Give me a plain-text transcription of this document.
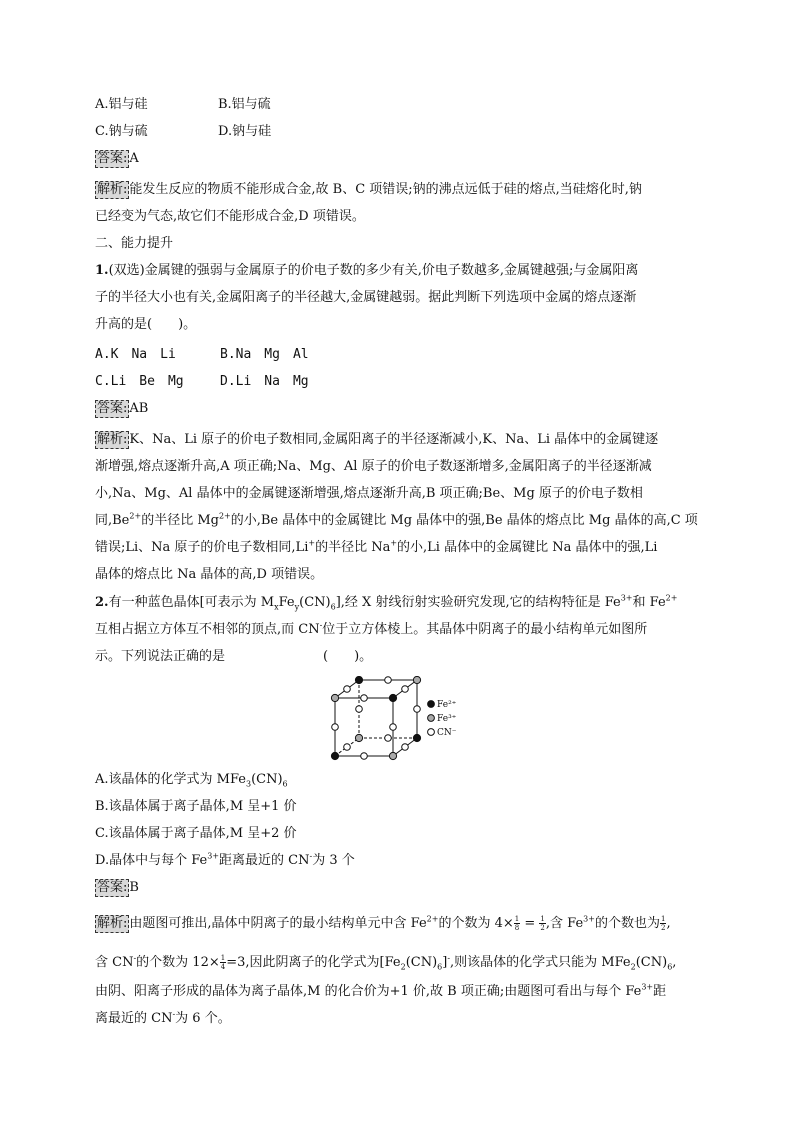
A.铝与硅	B.铝与硫
C.钠与硫	D.钠与硅
答案: A
解析: 能发生反应的物质不能形成合金,故 B、C 项错误;钠的沸点远低于硅的熔点,当硅熔化时,钠
已经变为气态,故它们不能形成合金,D 项错误。
二、能力提升
1.(双选)金属键的强弱与金属原子的价电子数的多少有关,价电子数越多,金属键越强;与金属阳离
子的半径大小也有关,金属阳离子的半径越大,金属键越弱。据此判断下列选项中金属的熔点逐渐
升高的是(　　)。
A.K　Na　Li	B.Na　Mg　Al
C.Li　Be　Mg	D.Li　Na　Mg
答案: AB
解析: K、Na、Li 原子的价电子数相同,金属阳离子的半径逐渐减小,K、Na、Li 晶体中的金属键逐
渐增强,熔点逐渐升高,A 项正确;Na、Mg、Al 原子的价电子数逐渐增多,金属阳离子的半径逐渐减
小,Na、Mg、Al 晶体中的金属键逐渐增强,熔点逐渐升高,B 项正确;Be、Mg 原子的价电子数相
同$,Be^{2+}$的半径比 $Mg^{2+}$的小,Be 晶体中的金属键比 Mg 晶体中的强,Be 晶体的熔点比 Mg 晶体的高,C 项
错误;Li、Na 原子的价电子数相同,Li+的半径比 Na+的小,Li 晶体中的金属键比 Na 晶体中的强,Li
晶体的熔点比 Na 晶体的高,D 项错误。
2.有一种蓝色晶体[可表示为 $M_xFe_y(CN)_6$],经 X 射线衍射实验研究发现,它的结构特征是 $Fe^{3+}$和 $Fe^{2+}$
互相占据立方体互不相邻的顶点,而 CN-位于立方体棱上。其晶体中阴离子的最小结构单元如图所
示。下列说法正确的是	(　　)。
Fe²⁺
Fe³⁺
CN⁻
A.该晶体的化学式为 $MFe_3(CN)_6$
B.该晶体属于离子晶体,M 呈+1 价
C.该晶体属于离子晶体,M 呈+2 价
D.晶体中与每个 $Fe^{3+}$距离最近的 CN-为 3 个
答案: B
解析: 由题图可推出,晶体中阴离子的最小结构单元中含 $Fe^{2+}$的个数为 $4\times \frac{1}{8} = \frac{1}{2}$ ,含 $Fe^{3+}$的个数也为 $\frac{1}{2}$ ,
含 CN-的个数为 $12\times \frac{1}{4} =3$,因此阴离子的化学式为$[Fe_2(CN)_6]^-$,则该晶体的化学式只能为 $MFe_2(CN)_6$,
由阴、阳离子形成的晶体为离子晶体,M 的化合价为+1 价,故 B 项正确;由题图可看出与每个 $Fe^{3+}$距
离最近的 CN-为 6 个。
